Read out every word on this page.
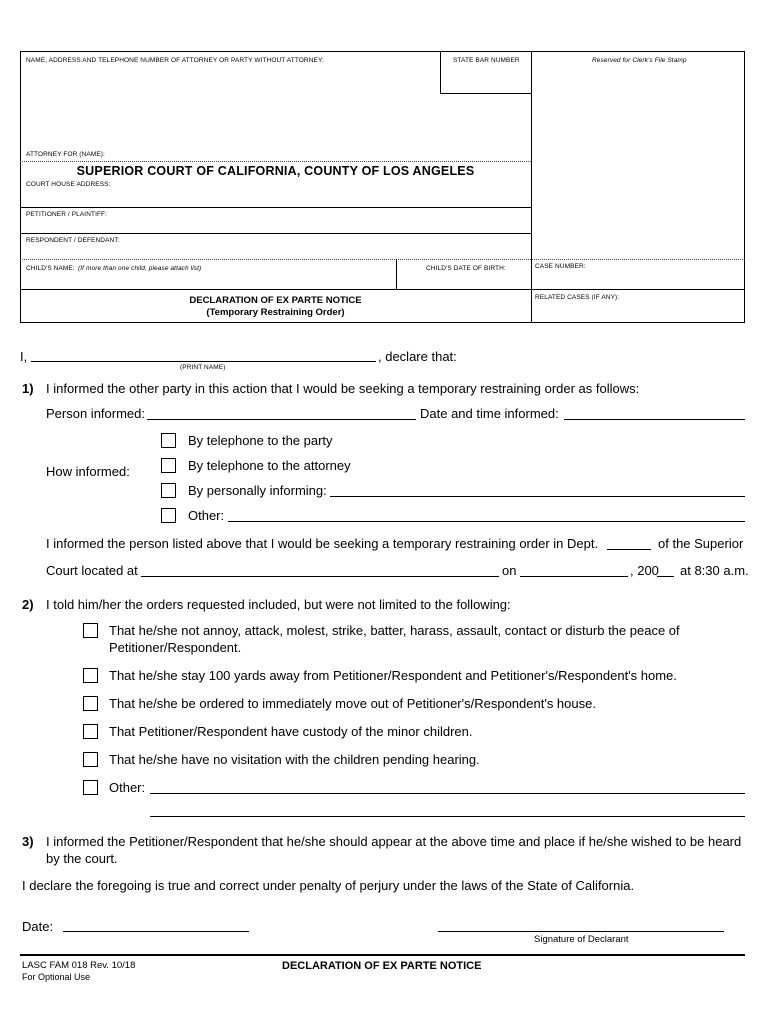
NAME, ADDRESS AND TELEPHONE NUMBER OF ATTORNEY OR PARTY WITHOUT ATTORNEY:	STATE BAR NUMBER	Reserved for Clerk's File Stamp
ATTORNEY FOR (NAME):
SUPERIOR COURT OF CALIFORNIA, COUNTY OF LOS ANGELES
COURT HOUSE ADDRESS:
PETITIONER / PLAINTIFF:
RESPONDENT / DEFENDANT:
CHILD'S NAME: (If more than one child, please attach list)	CHILD'S DATE OF BIRTH:	CASE NUMBER:
RELATED CASES (IF ANY):
DECLARATION OF EX PARTE NOTICE
(Temporary Restraining Order)
I,	, declare that:
(PRINT NAME)
1) I informed the other party in this action that I would be seeking a temporary restraining order as follows:
Person informed:	Date and time informed:
How informed:
By telephone to the party
By telephone to the attorney
By personally informing:
Other:
I informed the person listed above that I would be seeking a temporary restraining order in Dept.	of the Superior
Court located at	on	, 200 at 8:30 a.m.
2) I told him/her the orders requested included, but were not limited to the following:
That he/she not annoy, attack, molest, strike, batter, harass, assault, contact or disturb the peace of
Petitioner/Respondent.
That he/she stay 100 yards away from Petitioner/Respondent and Petitioner's/Respondent's home.
That he/she be ordered to immediately move out of Petitioner's/Respondent's house.
That Petitioner/Respondent have custody of the minor children.
That he/she have no visitation with the children pending hearing.
Other:
3) I informed the Petitioner/Respondent that he/she should appear at the above time and place if he/she wished to be heard
by the court.
I declare the foregoing is true and correct under penalty of perjury under the laws of the State of California.
Date:
Signature of Declarant
LASC FAM 018 Rev. 10/18
For Optional Use
DECLARATION OF EX PARTE NOTICE
